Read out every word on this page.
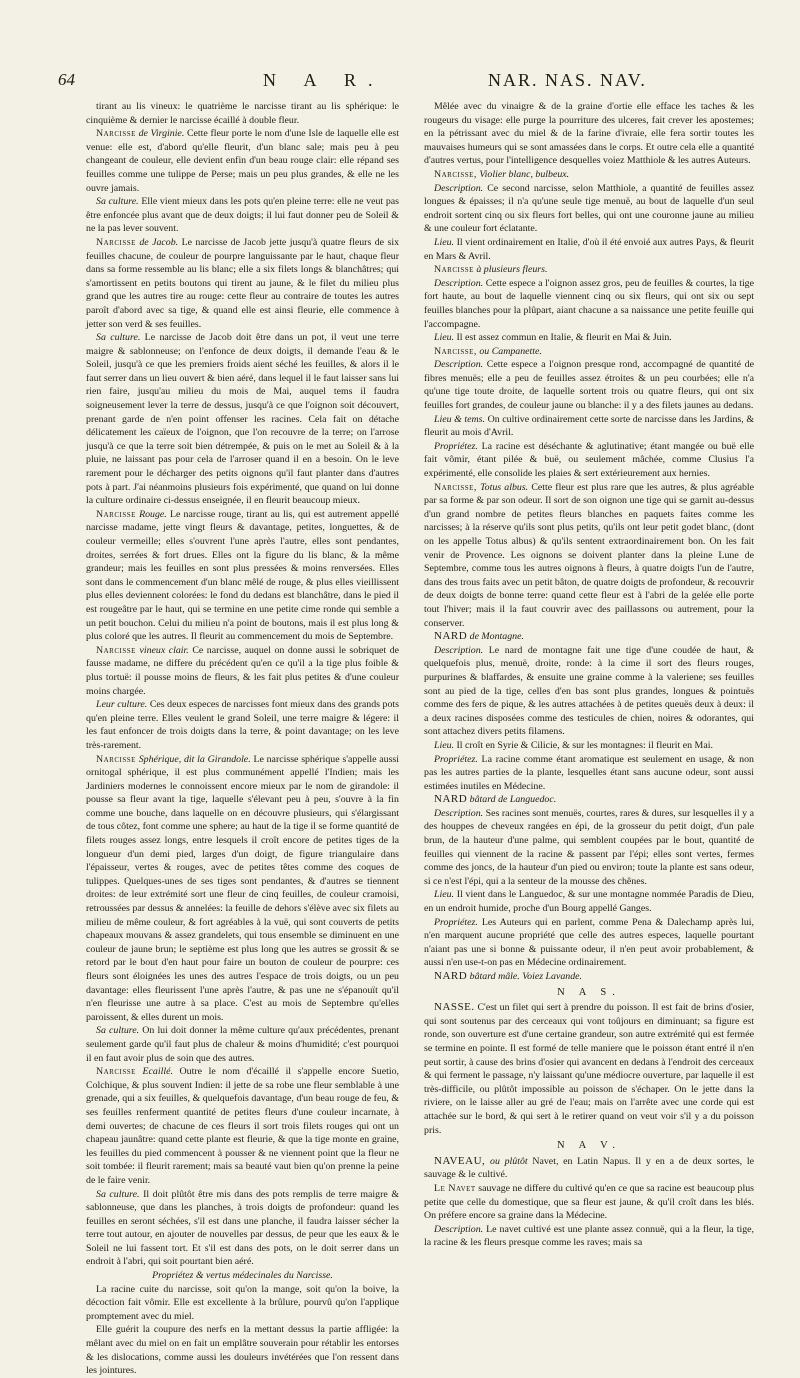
64	N A R.	NAR. NAS. NAV.

tirant au lis vineux: le quatrième le narcisse tirant au lis sphérique: le cinquième & dernier le narcisse écaillé à double fleur.

Narcisse de Virginie. Cette fleur porte le nom d'une Isle de laquelle elle est venue: elle est, d'abord qu'elle fleurit, d'un blanc sale; mais peu à peu changeant de couleur, elle devient enfin d'un beau rouge clair: elle répand ses feuilles comme une tulippe de Perse; mais un peu plus grandes, & elle ne les ouvre jamais.

Sa culture. Elle vient mieux dans les pots qu'en pleine terre: elle ne veut pas être enfoncée plus avant que de deux doigts; il lui faut donner peu de Soleil & ne la pas lever souvent.

Narcisse de Jacob. Le narcisse de Jacob jette jusqu'à quatre fleurs de six feuilles chacune, de couleur de pourpre languissante par le haut, chaque fleur dans sa forme ressemble au lis blanc; elle a six filets longs & blanchâtres; qui s'amortissent en petits boutons qui tirent au jaune, & le filet du milieu plus grand que les autres tire au rouge: cette fleur au contraire de toutes les autres paroît d'abord avec sa tige, & quand elle est ainsi fleurie, elle commence à jetter son verd & ses feuilles.

Sa culture. Le narcisse de Jacob doit être dans un pot, il veut une terre maigre & sablonneuse; on l'enfonce de deux doigts, il demande l'eau & le Soleil, jusqu'à ce que les premiers froids aient séché les feuilles, & alors il le faut serrer dans un lieu ouvert & bien aéré, dans lequel il le faut laisser sans lui rien faire, jusqu'au milieu du mois de Mai, auquel tems il faudra soigneusement lever la terre de dessus, jusqu'à ce que l'oignon soit découvert, prenant garde de n'en point offenser les racines. Cela fait on détache délicatement les caïeux de l'oignon, que l'on recouvre de la terre; on l'arrose jusqu'à ce que la terre soit bien détrempée, & puis on le met au Soleil & à la pluie, ne laissant pas pour cela de l'arroser quand il en a besoin. On le leve rarement pour le décharger des petits oignons qu'il faut planter dans d'autres pots à part. J'ai néanmoins plusieurs fois expérimenté, que quand on lui donne la culture ordinaire ci-dessus enseignée, il en fleurit beaucoup mieux.

Narcisse Rouge. Le narcisse rouge, tirant au lis, qui est autrement appellé narcisse madame, jette vingt fleurs & davantage, petites, longuettes, & de couleur vermeille; elles s'ouvrent l'une après l'autre, elles sont pendantes, droites, serrées & fort drues. Elles ont la figure du lis blanc, & la même grandeur; mais les feuilles en sont plus pressées & moins renversées. Elles sont dans le commencement d'un blanc mêlé de rouge, & plus elles vieillissent plus elles deviennent colorées: le fond du dedans est blanchâtre, dans le pied il est rougeâtre par le haut, qui se termine en une petite cime ronde qui semble a un petit bouchon. Celui du milieu n'a point de boutons, mais il est plus long & plus coloré que les autres. Il fleurit au commencement du mois de Septembre.

Narcisse vineux clair. Ce narcisse, auquel on donne aussi le sobriquet de fausse madame, ne differe du précédent qu'en ce qu'il a la tige plus foible & plus tortuë: il pousse moins de fleurs, & les fait plus petites & d'une couleur moins chargée.

Leur culture. Ces deux especes de narcisses font mieux dans des grands pots qu'en pleine terre. Elles veulent le grand Soleil, une terre maigre & légere: il les faut enfoncer de trois doigts dans la terre, & point davantage; on les leve très-rarement.

Narcisse Sphérique, dit la Girandole. Le narcisse sphérique s'appelle aussi ornitogal sphérique, il est plus communément appellé l'Indien; mais les Jardiniers modernes le connoissent encore mieux par le nom de girandole: il pousse sa fleur avant la tige, laquelle s'élevant peu à peu, s'ouvre à la fin comme une bouche, dans laquelle on en découvre plusieurs, qui s'élargissant de tous côtez, font comme une sphere; au haut de la tige il se forme quantité de filets rouges assez longs, entre lesquels il croît encore de petites tiges de la longueur d'un demi pied, larges d'un doigt, de figure triangulaire dans l'épaisseur, vertes & rouges, avec de petites têtes comme des coques de tulippes. Quelques-unes de ses tiges sont pendantes, & d'autres se tiennent droites: de leur extrémité sort une fleur de cinq feuilles, de couleur cramoisi, retroussées par dessus & annelées: la feuille de dehors s'élève avec six filets au milieu de même couleur, & fort agréables à la vuë, qui sont couverts de petits chapeaux mouvans & assez grandelets, qui tous ensemble se diminuent en une couleur de jaune brun; le septième est plus long que les autres se grossit & se retord par le bout d'en haut pour faire un bouton de couleur de pourpre: ces fleurs sont éloignées les unes des autres l'espace de trois doigts, ou un peu davantage: elles fleurissent l'une après l'autre, & pas une ne s'épanouït qu'il n'en fleurisse une autre à sa place. C'est au mois de Septembre qu'elles paroissent, & elles durent un mois.

Sa culture. On lui doit donner la même culture qu'aux précédentes, prenant seulement garde qu'il faut plus de chaleur & moins d'humidité; c'est pourquoi il en faut avoir plus de soin que des autres.

Narcisse Ecaillé. Outre le nom d'écaillé il s'appelle encore Suetio, Colchique, & plus souvent Indien: il jette de sa robe une fleur semblable à une grenade, qui a six feuilles, & quelquefois davantage, d'un beau rouge de feu, & ses feuilles renferment quantité de petites fleurs d'une couleur incarnate, à demi ouvertes; de chacune de ces fleurs il sort trois filets rouges qui ont un chapeau jaunâtre: quand cette plante est fleurie, & que la tige monte en graine, les feuilles du pied commencent à pousser & ne viennent point que la fleur ne soit tombée: il fleurit rarement; mais sa beauté vaut bien qu'on prenne la peine de le faire venir.

Sa culture. Il doit plûtôt être mis dans des pots remplis de terre maigre & sablonneuse, que dans les planches, à trois doigts de profondeur: quand les feuilles en seront séchées, s'il est dans une planche, il faudra laisser sécher la terre tout autour, en ajouter de nouvelles par dessus, de peur que les eaux & le Soleil ne lui fassent tort. Et s'il est dans des pots, on le doit serrer dans un endroit à l'abri, qui soit pourtant bien aéré.

Propriétez & vertus médecinales du Narcisse.

La racine cuite du narcisse, soit qu'on la mange, soit qu'on la boive, la décoction fait vômir. Elle est excellente à la brûlure, pourvû qu'on l'applique promptement avec du miel.

Elle guérit la coupure des nerfs en la mettant dessus la partie affligée: la mêlant avec du miel on en fait un emplâtre souverain pour rétablir les entorses & les dislocations, comme aussi les douleurs invétérées que l'on ressent dans les jointures.

Mêlée avec du vinaigre & de la graine d'ortie elle efface les taches & les rougeurs du visage: elle purge la pourriture des ulceres, fait crever les apostemes; en la pétrissant avec du miel & de la farine d'ivraie, elle fera sortir toutes les mauvaises humeurs qui se sont amassées dans le corps. Et outre cela elle a quantité d'autres vertus, pour l'intelligence desquelles voiez Matthiole & les autres Auteurs.

Narcisse, Violier blanc, bulbeux.

Description. Ce second narcisse, selon Matthiole, a quantité de feuilles assez longues & épaisses; il n'a qu'une seule tige menuë, au bout de laquelle d'un seul endroit sortent cinq ou six fleurs fort belles, qui ont une couronne jaune au milieu & une couleur fort éclatante.

Lieu. Il vient ordinairement en Italie, d'où il été envoié aux autres Pays, & fleurit en Mars & Avril.

Narcisse à plusieurs fleurs.

Description. Cette espece a l'oignon assez gros, peu de feuilles & courtes, la tige fort haute, au bout de laquelle viennent cinq ou six fleurs, qui ont six ou sept feuilles blanches pour la plûpart, aiant chacune a sa naissance une petite feuille qui l'accompagne.

Lieu. Il est assez commun en Italie, & fleurit en Mai & Juin.

Narcisse, ou Campanette.

Description. Cette espece a l'oignon presque rond, accompagné de quantité de fibres menuës; elle a peu de feuilles assez étroites & un peu courbées; elle n'a qu'une tige toute droite, de laquelle sortent trois ou quatre fleurs, qui ont six feuilles fort grandes, de couleur jaune ou blanche: il y a des filets jaunes au dedans.

Lieu & tems. On cultive ordinairement cette sorte de narcisse dans les Jardins, & fleurit au mois d'Avril.

Propriétez. La racine est déséchante & aglutinative; étant mangée ou buë elle fait vômir, étant pilée & buë, ou seulement mâchée, comme Clusius l'a expérimenté, elle consolide les plaies & sert extérieurement aux hernies.

Narcisse, Totus albus. Cette fleur est plus rare que les autres, & plus agréable par sa forme & par son odeur. Il sort de son oignon une tige qui se garnit au-dessus d'un grand nombre de petites fleurs blanches en paquets faites comme les narcisses; à la réserve qu'ils sont plus petits, qu'ils ont leur petit godet blanc, (dont on les appelle Totus albus) & qu'ils sentent extraordinairement bon. On les fait venir de Provence. Les oignons se doivent planter dans la pleine Lune de Septembre, comme tous les autres oignons à fleurs, à quatre doigts l'un de l'autre, dans des trous faits avec un petit bâton, de quatre doigts de profondeur, & recouvrir de deux doigts de bonne terre: quand cette fleur est à l'abri de la gelée elle porte tout l'hiver; mais il la faut couvrir avec des paillassons ou autrement, pour la conserver.

NARD de Montagne.

Description. Le nard de montagne fait une tige d'une coudée de haut, & quelquefois plus, menuë, droite, ronde: à la cime il sort des fleurs rouges, purpurines & blaffardes, & ensuite une graine comme à la valeriene; ses feuilles sont au pied de la tige, celles d'en bas sont plus grandes, longues & pointuës comme des fers de pique, & les autres attachées à de petites queuës deux à deux: il a deux racines disposées comme des testicules de chien, noires & odorantes, qui sont attachez divers petits filamens.

Lieu. Il croît en Syrie & Cilicie, & sur les montagnes: il fleurit en Mai.

Propriétez. La racine comme étant aromatique est seulement en usage, & non pas les autres parties de la plante, lesquelles étant sans aucune odeur, sont aussi estimées inutiles en Médecine.

NARD bâtard de Languedoc.

Description. Ses racines sont menuës, courtes, rares & dures, sur lesquelles il y a des houppes de cheveux rangées en épi, de la grosseur du petit doigt, d'un pale brun, de la hauteur d'une palme, qui semblent coupées par le bout, quantité de feuilles qui viennent de la racine & passent par l'épi; elles sont vertes, fermes comme des joncs, de la hauteur d'un pied ou environ; toute la plante est sans odeur, si ce n'est l'épi, qui a la senteur de la mousse des chênes.

Lieu. Il vient dans le Languedoc, & sur une montagne nommée Paradis de Dieu, en un endroit humide, proche d'un Bourg appellé Ganges.

Propriétez. Les Auteurs qui en parlent, comme Pena & Dalechamp après lui, n'en marquent aucune propriété que celle des autres especes, laquelle pourtant n'aiant pas une si bonne & puissante odeur, il n'en peut avoir probablement, & aussi n'en use-t-on pas en Médecine ordinairement.

NARD bâtard mâle. Voiez Lavande.

N A S.

NASSE. C'est un filet qui sert à prendre du poisson. Il est fait de brins d'osier, qui sont soutenus par des cerceaux qui vont toûjours en diminuant; sa figure est ronde, son ouverture est d'une certaine grandeur, son autre extrémité qui est fermée se termine en pointe. Il est formé de telle maniere que le poisson étant entré il n'en peut sortir, à cause des brins d'osier qui avancent en dedans à l'endroit des cerceaux & qui ferment le passage, n'y laissant qu'une médiocre ouverture, par laquelle il est très-difficile, ou plûtôt impossible au poisson de s'échaper. On le jette dans la riviere, on le laisse aller au gré de l'eau; mais on l'arrête avec une corde qui est attachée sur le bord, & qui sert à le retirer quand on veut voir s'il y a du poisson pris.

N A V.

NAVEAU, ou plûtôt Navet, en Latin Napus. Il y en a de deux sortes, le sauvage & le cultivé.

Le Navet sauvage ne differe du cultivé qu'en ce que sa racine est beaucoup plus petite que celle du domestique, que sa fleur est jaune, & qu'il croît dans les blés. On préfere encore sa graine dans la Médecine.

Description. Le navet cultivé est une plante assez connuë, qui a la fleur, la tige, la racine & les fleurs presque comme les raves; mais sa
